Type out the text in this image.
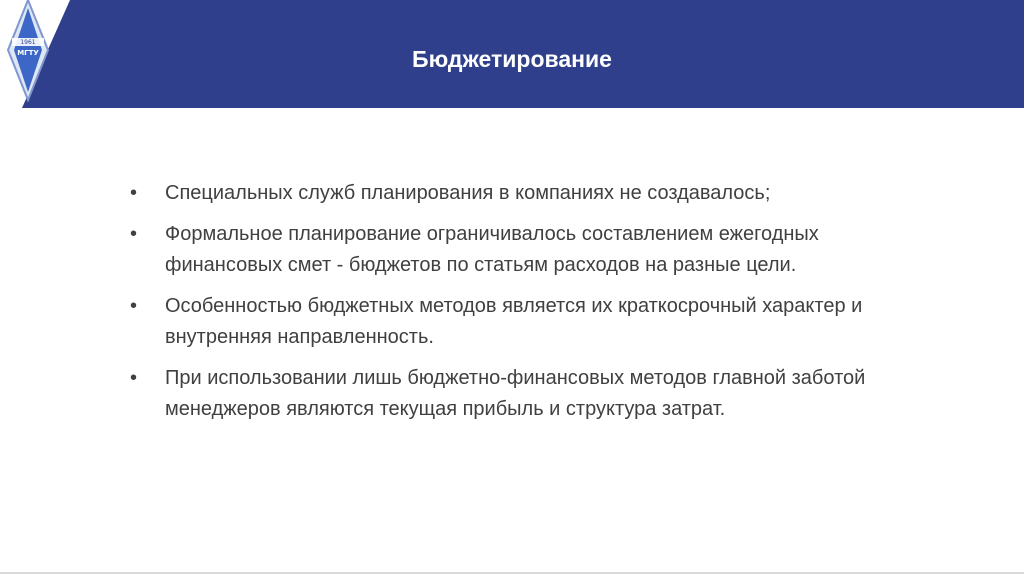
1961
МГТУ	Бюджетирование
•	Специальных служб планирования в компаниях не создавалось;
•	Формальное планирование ограничивалось составлением ежегодных финансовых смет - бюджетов по статьям расходов на разные цели.
•	Особенностью бюджетных методов является их краткосрочный характер и внутренняя направленность.
•	При использовании лишь бюджетно-финансовых методов главной заботой менеджеров являются текущая прибыль и структура затрат.
